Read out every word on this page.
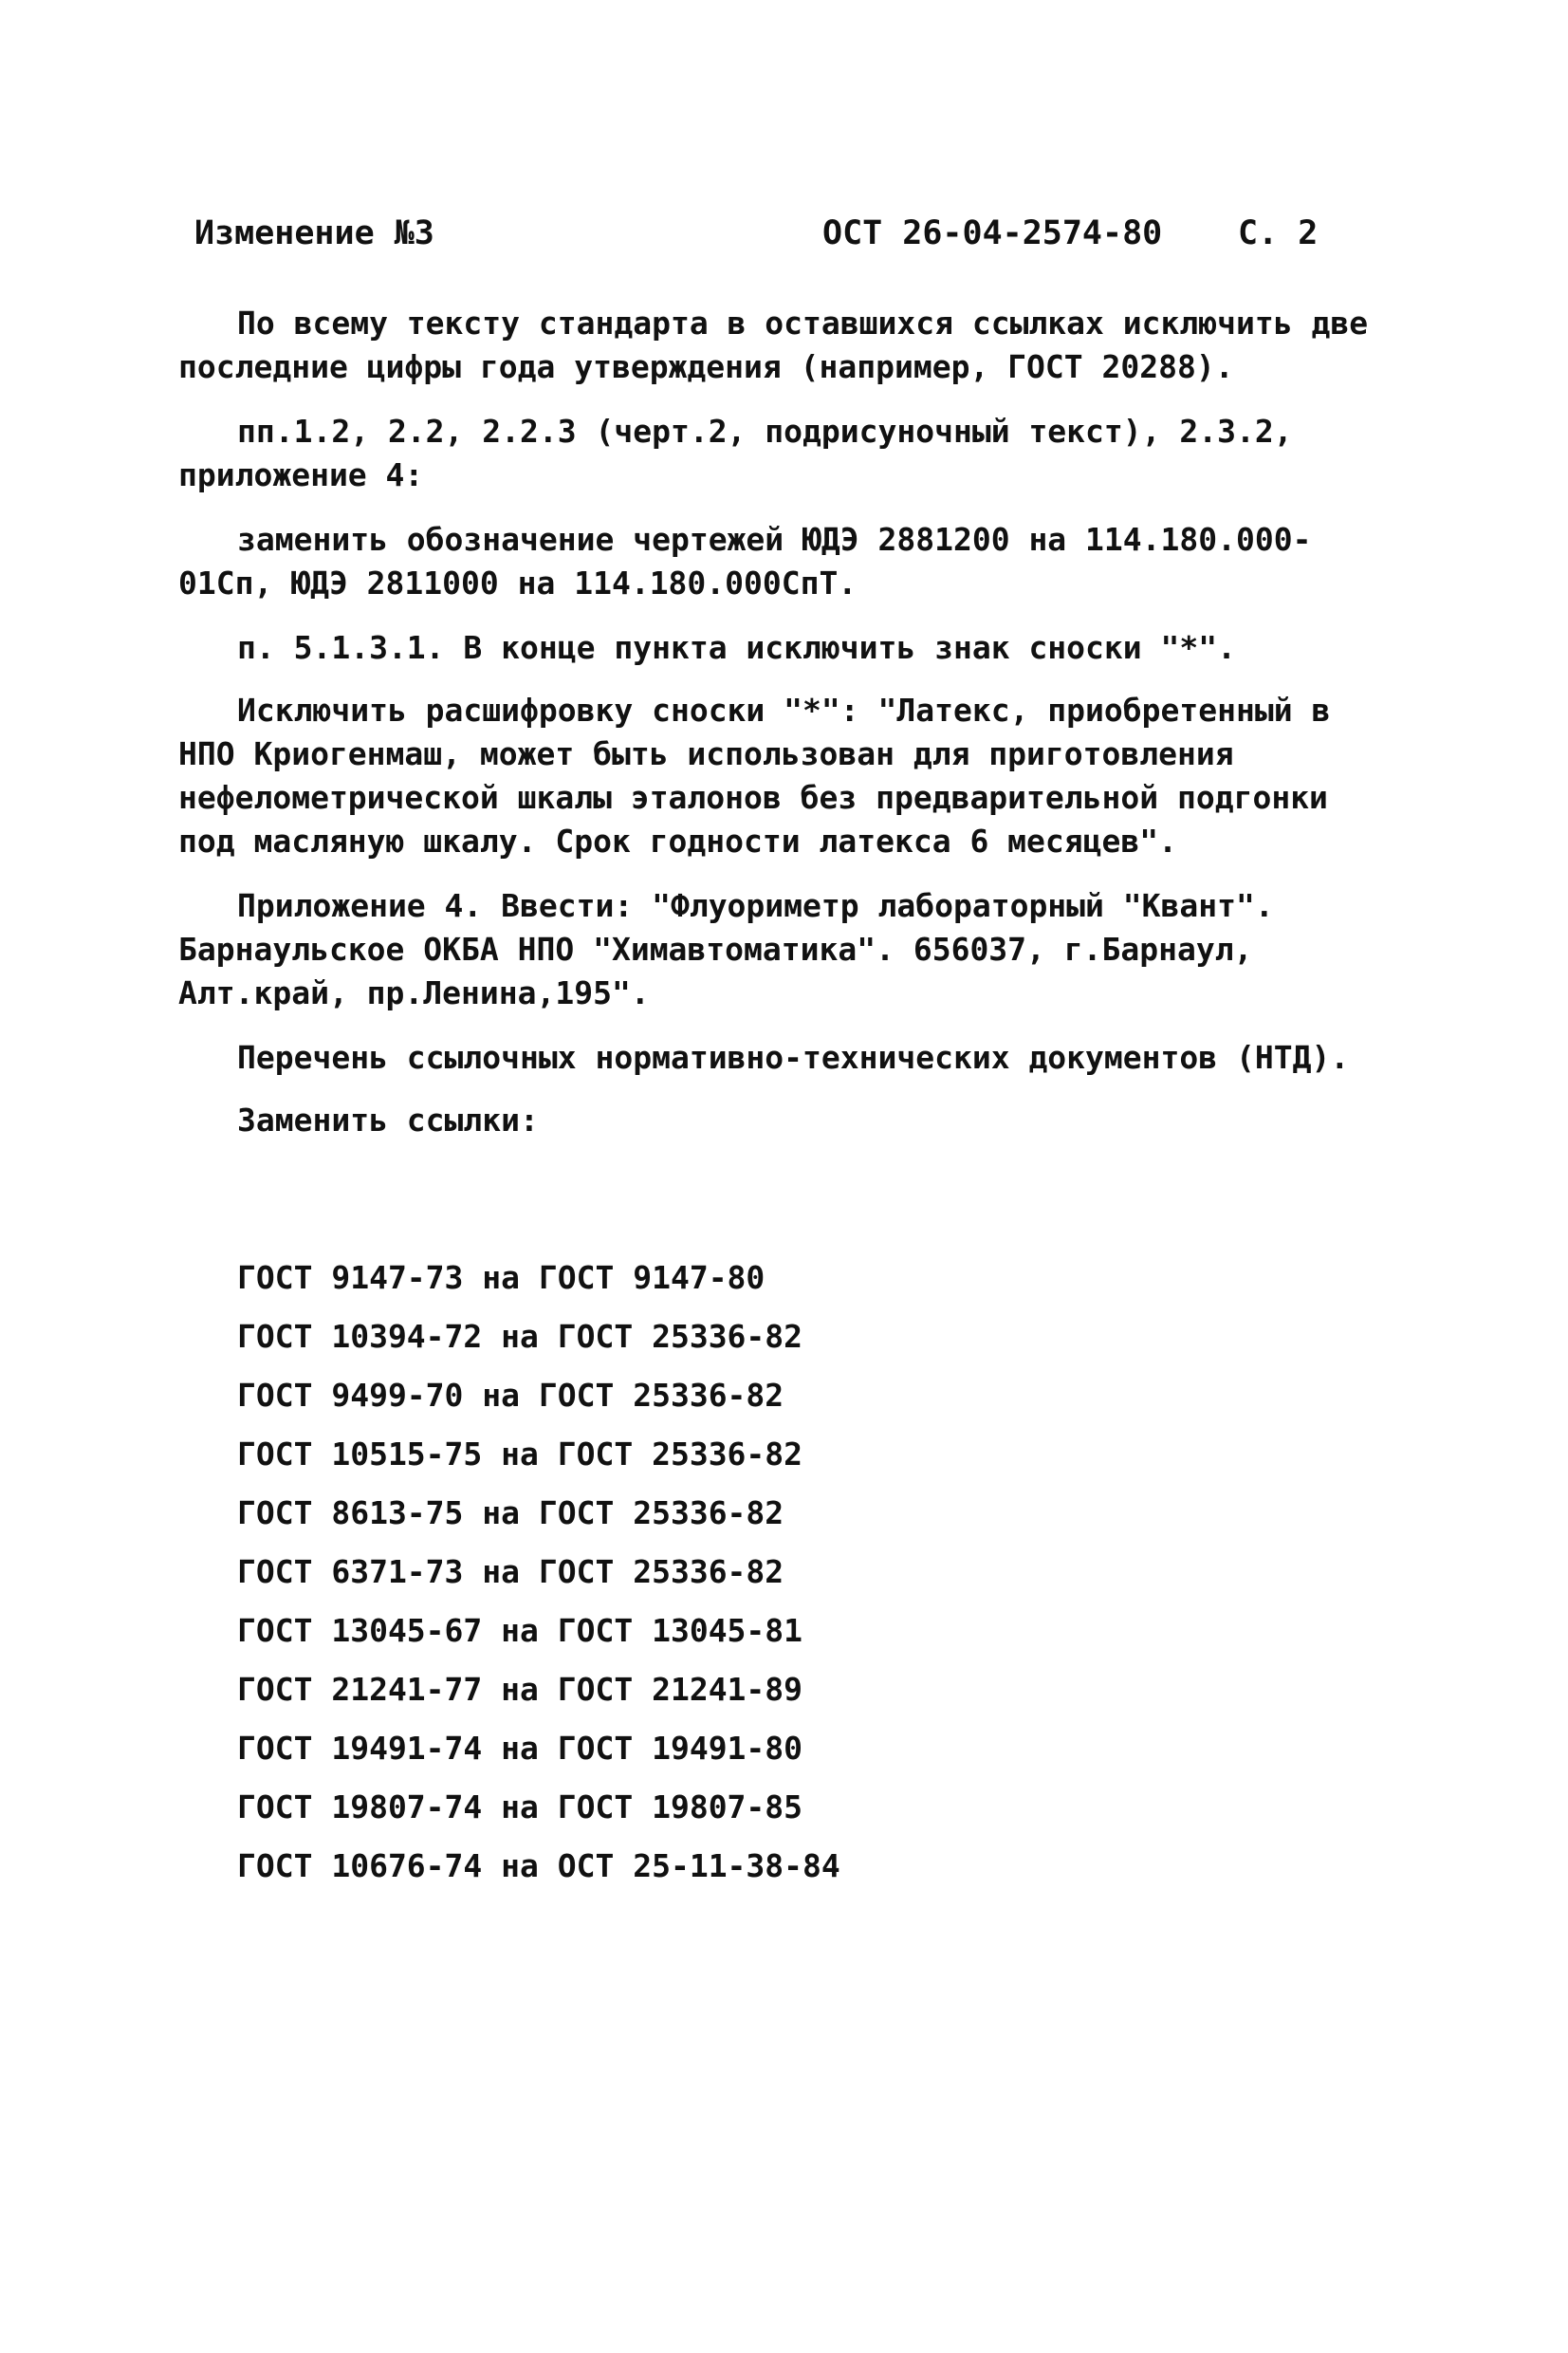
Изменение №3	ОСТ 26-04-2574-80 С. 2

По всему тексту стандарта в оставшихся ссылках исключить две последние цифры года утверждения (например, ГОСТ 20288).

пп.1.2, 2.2, 2.2.3 (черт.2, подрисуночный текст), 2.3.2, приложение 4:

заменить обозначение чертежей ЮДЭ 2881200 на 114.180.000-01Сп, ЮДЭ 2811000 на 114.180.000СпТ.

п. 5.1.3.1. В конце пункта исключить знак сноски "*".

Исключить расшифровку сноски "*": "Латекс, приобретенный в НПО Криогенмаш, может быть использован для приготовления нефелометрической шкалы эталонов без предварительной подгонки под масляную шкалу. Срок годности латекса 6 месяцев".

Приложение 4. Ввести: "Флуориметр лабораторный "Квант". Барнаульское ОКБА НПО "Химавтоматика". 656037, г.Барнаул, Алт.край, пр.Ленина,195".

Перечень ссылочных нормативно-технических документов (НТД).

Заменить ссылки:

ГОСТ 9147-73 на ГОСТ 9147-80
ГОСТ 10394-72 на ГОСТ 25336-82
ГОСТ 9499-70 на ГОСТ 25336-82
ГОСТ 10515-75 на ГОСТ 25336-82
ГОСТ 8613-75 на ГОСТ 25336-82
ГОСТ 6371-73 на ГОСТ 25336-82
ГОСТ 13045-67 на ГОСТ 13045-81
ГОСТ 21241-77 на ГОСТ 21241-89
ГОСТ 19491-74 на ГОСТ 19491-80
ГОСТ 19807-74 на ГОСТ 19807-85
ГОСТ 10676-74 на ОСТ 25-11-38-84
